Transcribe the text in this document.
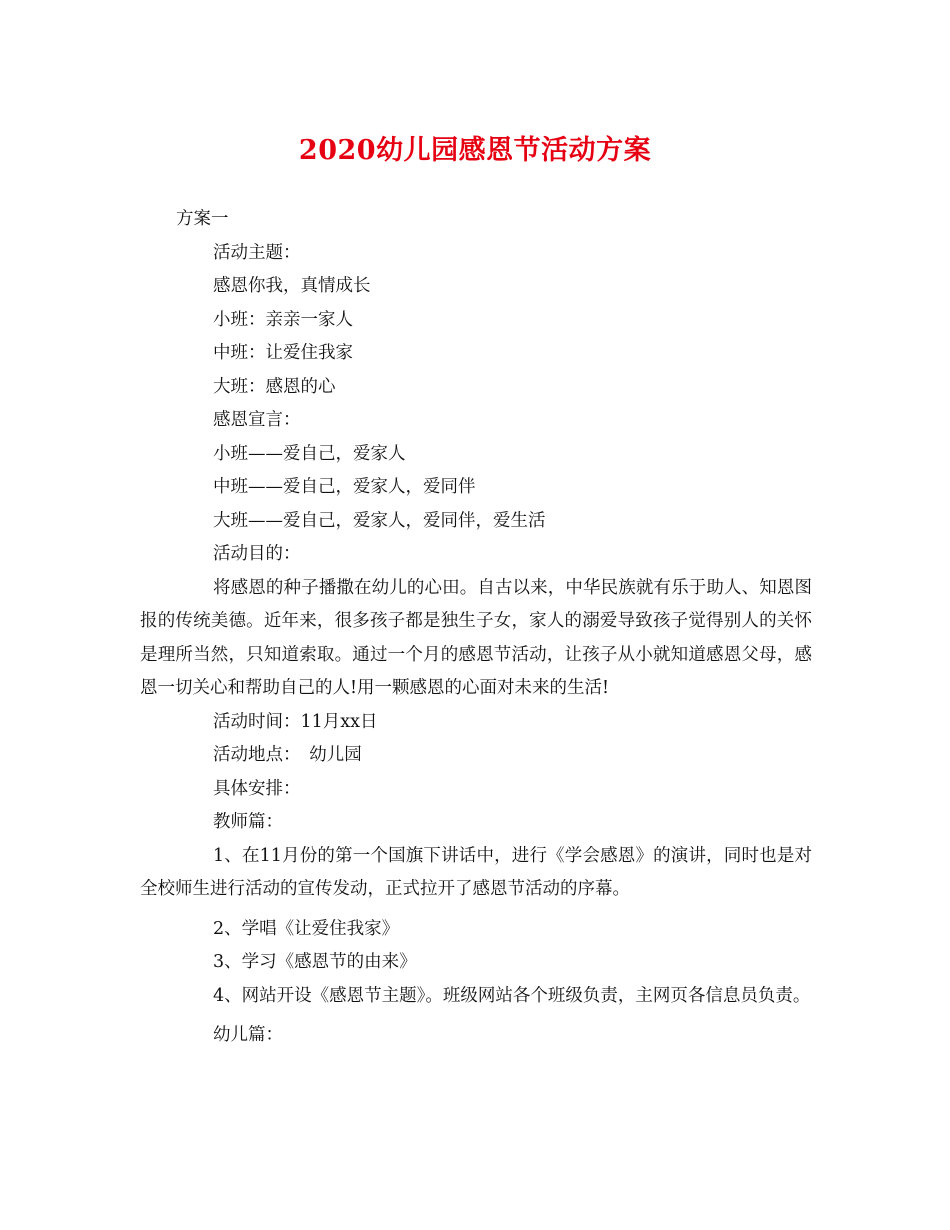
2020幼儿园感恩节活动方案

方案一

活动主题：

感恩你我，真情成长

小班：亲亲一家人

中班：让爱住我家

大班：感恩的心

感恩宣言：

小班——爱自己，爱家人

中班——爱自己，爱家人，爱同伴

大班——爱自己，爱家人，爱同伴，爱生活

活动目的：

将感恩的种子播撒在幼儿的心田。自古以来，中华民族就有乐于助人、知恩图报的传统美德。近年来，很多孩子都是独生子女，家人的溺爱导致孩子觉得别人的关怀是理所当然，只知道索取。通过一个月的感恩节活动，让孩子从小就知道感恩父母，感恩一切关心和帮助自己的人!用一颗感恩的心面对未来的生活!

活动时间：11月xx日

活动地点：　幼儿园

具体安排：

教师篇：

1、在11月份的第一个国旗下讲话中，进行《学会感恩》的演讲，同时也是对全校师生进行活动的宣传发动，正式拉开了感恩节活动的序幕。

2、学唱《让爱住我家》

3、学习《感恩节的由来》

4、网站开设《感恩节主题》。班级网站各个班级负责，主网页各信息员负责。

幼儿篇：
